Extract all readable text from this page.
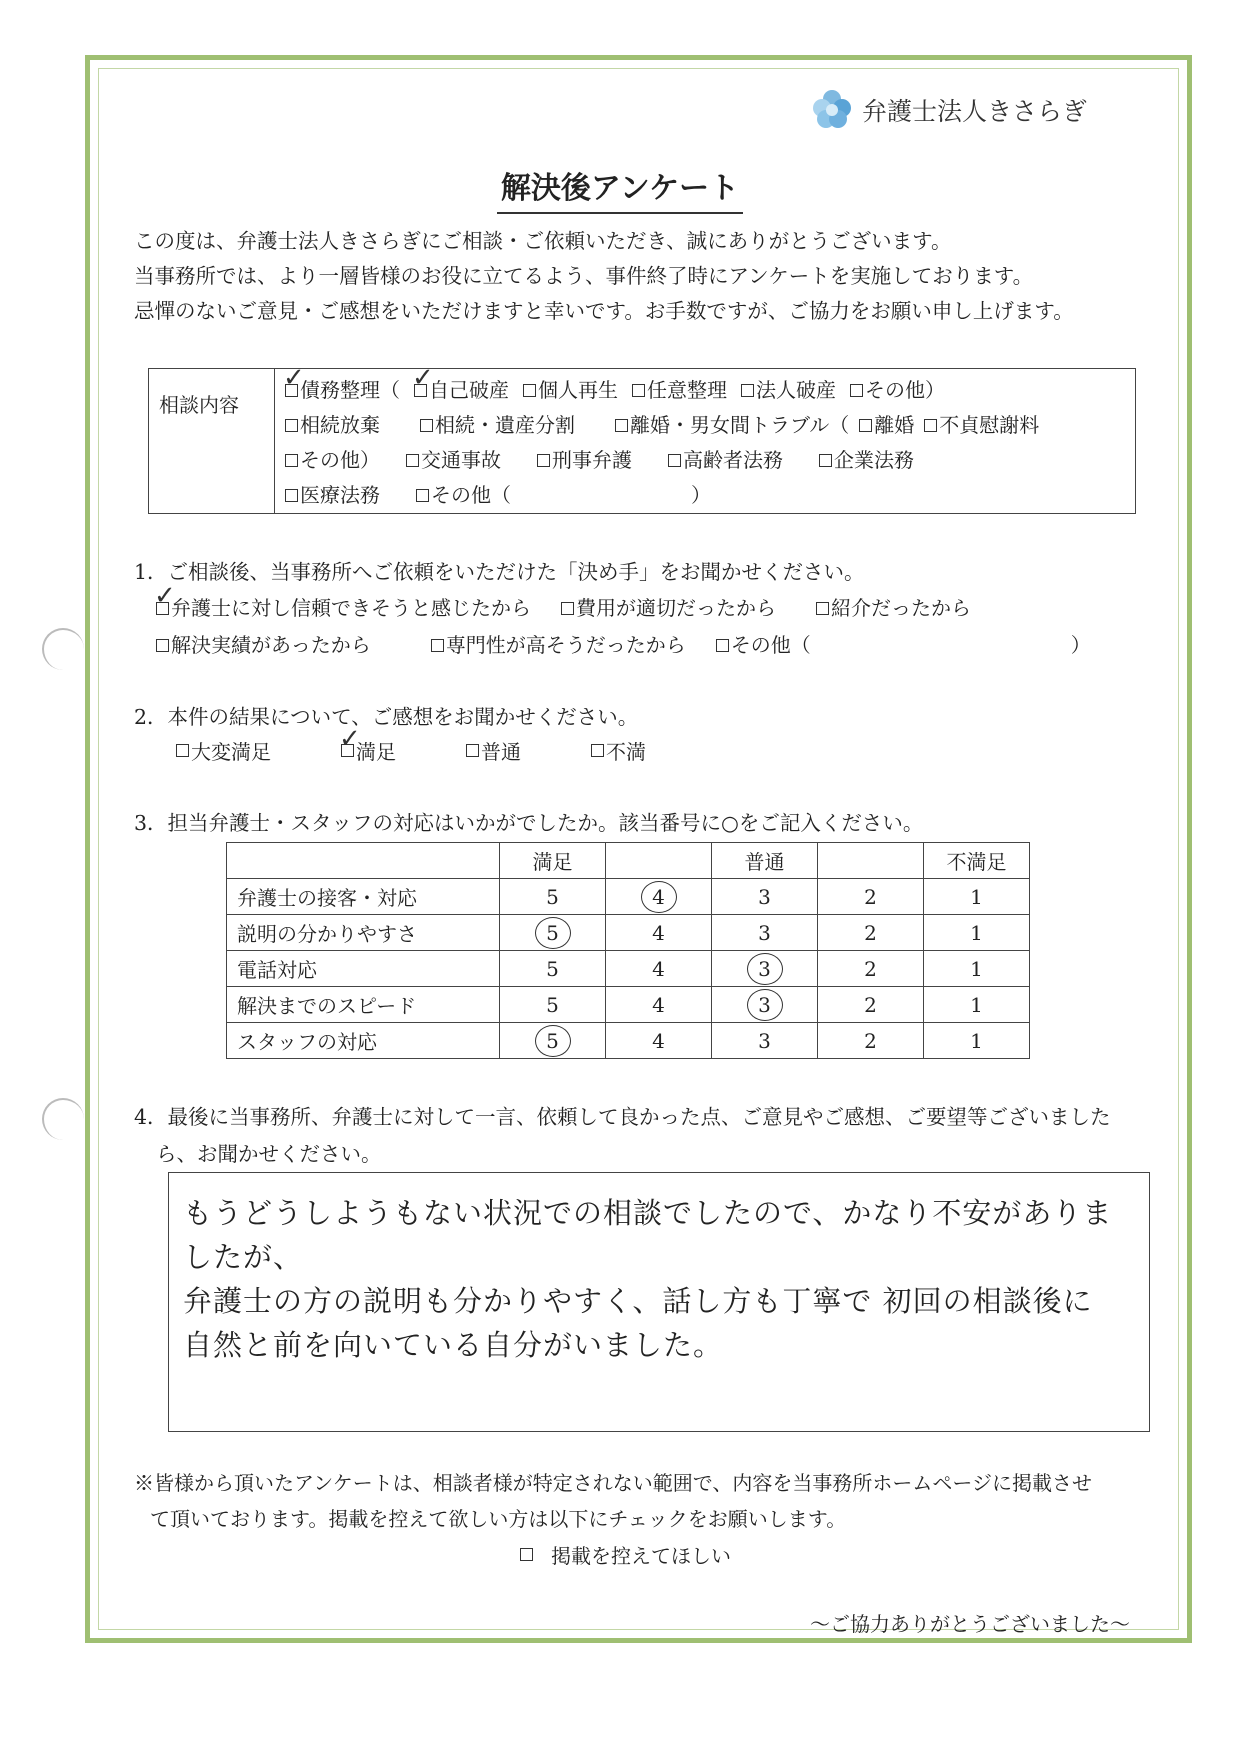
弁護士法人きさらぎ
解決後アンケート
この度は、弁護士法人きさらぎにご相談・ご依頼いただき、誠にありがとうございます。
当事務所では、より一層皆様のお役に立てるよう、事件終了時にアンケートを実施しております。
忌憚のないご意見・ご感想をいただけますと幸いです。お手数ですが、ご協力をお願い申し上げます。
相談内容
✓
債務整理（ ✓
自己破産 個人再生 任意整理 法人破産 その他）
相続放棄	相続・遺産分割	離婚・男女間トラブル（ 離婚 不貞慰謝料
その他） 交通事故	刑事弁護	高齢者法務	企業法務
医療法務	その他（　　　　　　　　　）
1．ご相談後、当事務所へご依頼をいただけた「決め手」をお聞かせください。
✓
弁護士に対し信頼できそうと感じたから 費用が適切だったから	紹介だったから
解決実績があったから	専門性が高そうだったから その他（　　　　　　　　　　　　　）
2．本件の結果について、ご感想をお聞かせください。
大変満足	✓
満足	普通	不満
3．担当弁護士・スタッフの対応はいかがでしたか。該当番号に○をご記入ください。
	満足		普通		不満足
弁護士の接客・対応	5	4	3	2	1
説明の分かりやすさ	5	4	3	2	1
電話対応	5	4	3	2	1
解決までのスピード	5	4	3	2	1
スタッフの対応	5	4	3	2	1
4．最後に当事務所、弁護士に対して一言、依頼して良かった点、ご意見やご感想、ご要望等ございました
ら、お聞かせください。
もうどうしようもない状況での相談でしたので、かなり不安がありましたが、
弁護士の方の説明も分かりやすく、話し方も丁寧で 初回の相談後に
自然と前を向いている自分がいました。
※皆様から頂いたアンケートは、相談者様が特定されない範囲で、内容を当事務所ホームページに掲載させ
て頂いております。掲載を控えて欲しい方は以下にチェックをお願いします。
掲載を控えてほしい
～ご協力ありがとうございました～
